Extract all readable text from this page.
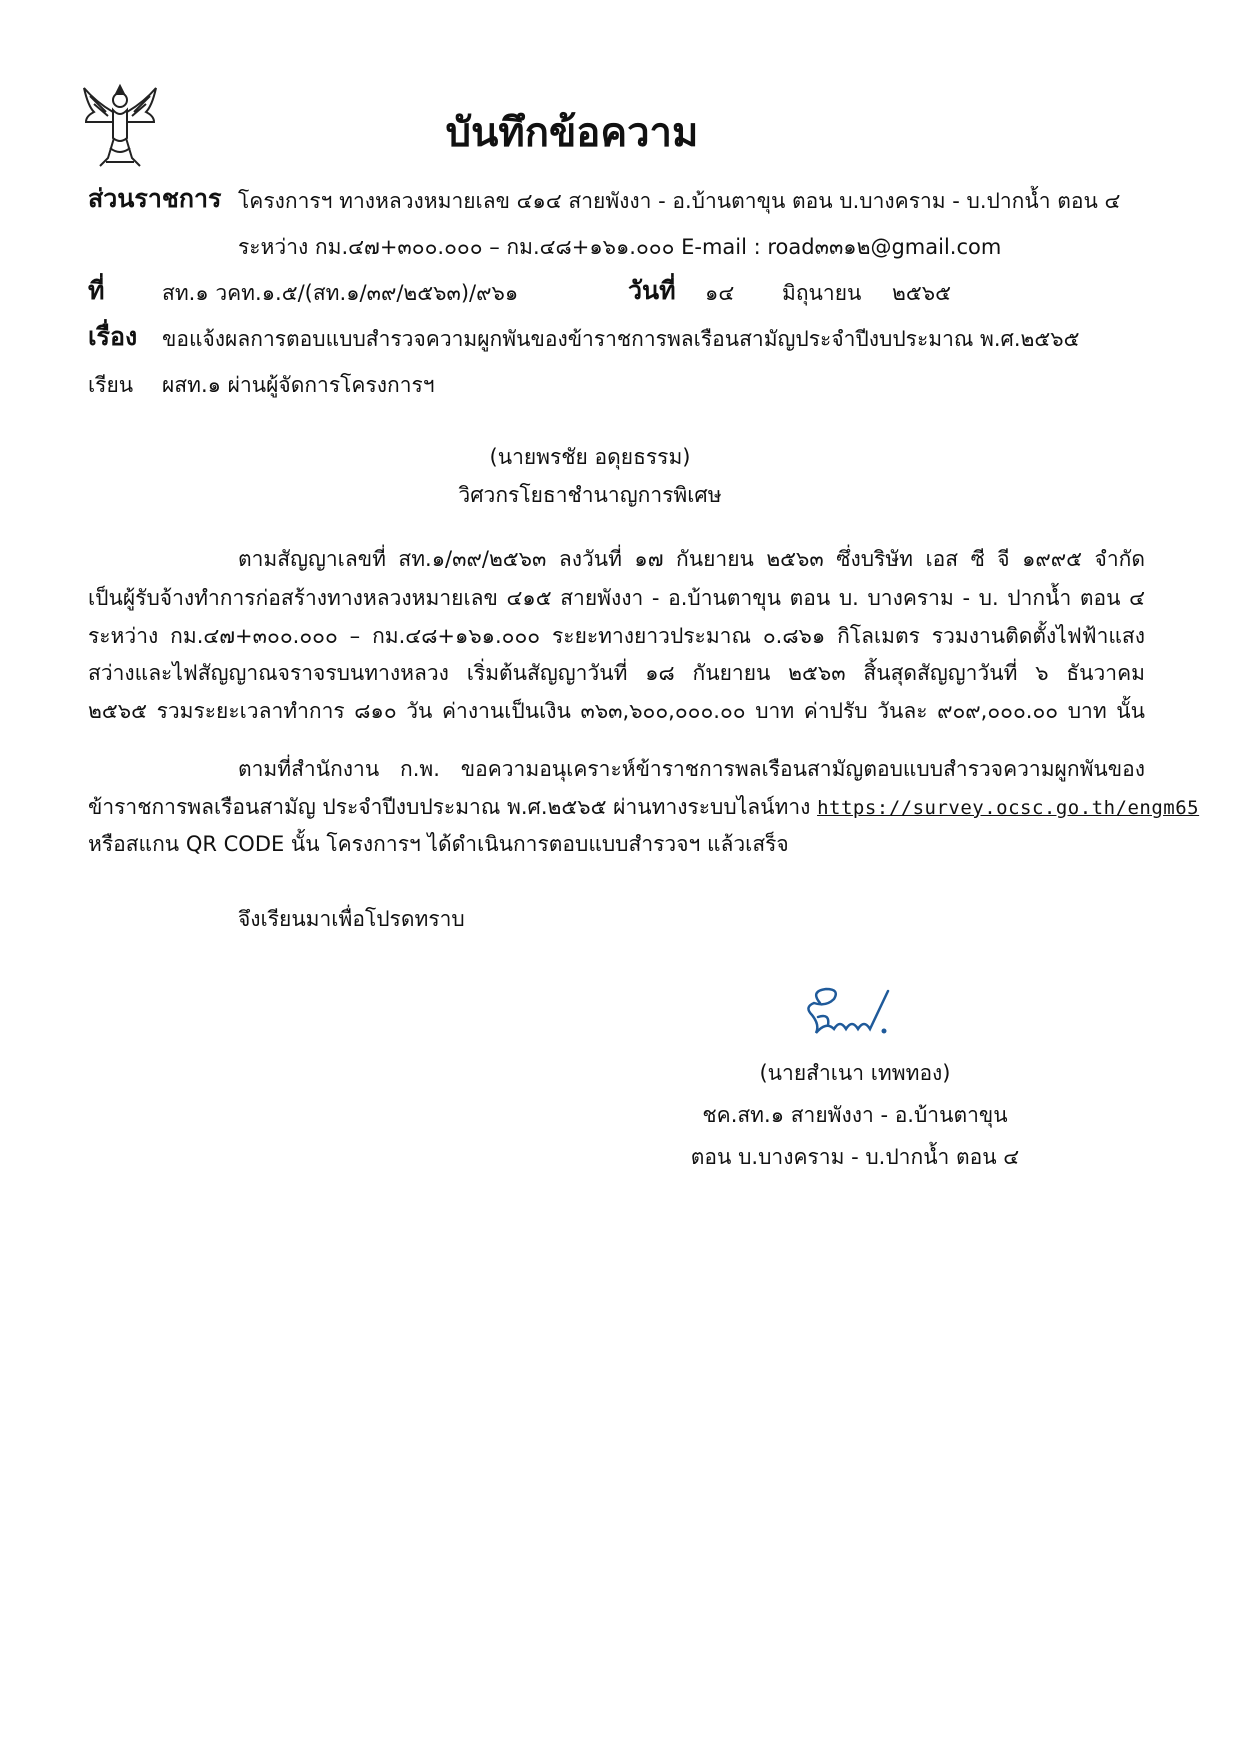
บันทึกข้อความ
ส่วนราชการ โครงการฯ ทางหลวงหมายเลข ๔๑๔ สายพังงา - อ.บ้านตาขุน ตอน บ.บางคราม - บ.ปากน้ำ ตอน ๔
ระหว่าง กม.๔๗+๓๐๐.๐๐๐ – กม.๔๘+๑๖๑.๐๐๐ E-mail : road๓๓๑๒@gmail.com
ที่	สท.๑ วคท.๑.๕/(สท.๑/๓๙/๒๕๖๓)/๙๖๑	วันที่ ๑๔ มิถุนายน ๒๕๖๕
เรื่อง ขอแจ้งผลการตอบแบบสำรวจความผูกพันของข้าราชการพลเรือนสามัญประจำปีงบประมาณ พ.ศ.๒๕๖๕
เรียน ผสท.๑ ผ่านผู้จัดการโครงการฯ
(นายพรชัย อดุยธรรม)
วิศวกรโยธาชำนาญการพิเศษ
ตามสัญญาเลขที่ สท.๑/๓๙/๒๕๖๓ ลงวันที่ ๑๗ กันยายน ๒๕๖๓ ซึ่งบริษัท เอส ซี จี ๑๙๙๕ จำกัด
เป็นผู้รับจ้างทำการก่อสร้างทางหลวงหมายเลข ๔๑๕ สายพังงา - อ.บ้านตาขุน ตอน บ. บางคราม - บ. ปากน้ำ ตอน ๔
ระหว่าง กม.๔๗+๓๐๐.๐๐๐ – กม.๔๘+๑๖๑.๐๐๐ ระยะทางยาวประมาณ ๐.๘๖๑ กิโลเมตร รวมงานติดตั้งไฟฟ้าแสง
สว่างและไฟสัญญาณจราจรบนทางหลวง เริ่มต้นสัญญาวันที่ ๑๘ กันยายน ๒๕๖๓ สิ้นสุดสัญญาวันที่ ๖ ธันวาคม
๒๕๖๕ รวมระยะเวลาทำการ ๘๑๐ วัน ค่างานเป็นเงิน ๓๖๓,๖๐๐,๐๐๐.๐๐ บาท ค่าปรับ วันละ ๙๐๙,๐๐๐.๐๐ บาท นั้น
ตามที่สำนักงาน ก.พ. ขอความอนุเคราะห์ข้าราชการพลเรือนสามัญตอบแบบสำรวจความผูกพันของ
ข้าราชการพลเรือนสามัญ ประจำปีงบประมาณ พ.ศ.๒๕๖๕ ผ่านทางระบบไลน์ทาง https://survey.ocsc.go.th/engm65
หรือสแกน QR CODE นั้น โครงการฯ ได้ดำเนินการตอบแบบสำรวจฯ แล้วเสร็จ
จึงเรียนมาเพื่อโปรดทราบ
(นายสำเนา เทพทอง)
ชค.สท.๑ สายพังงา - อ.บ้านตาขุน
ตอน บ.บางคราม - บ.ปากน้ำ ตอน ๔
